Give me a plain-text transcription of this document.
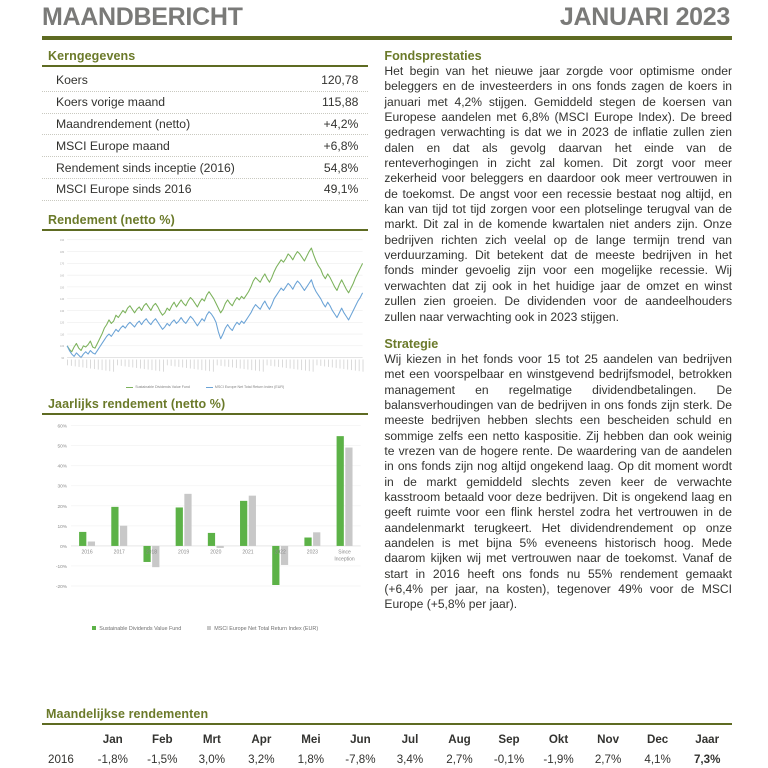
MAANDBERICHT	JANUARI 2023
Kerngegevens
Koers	120,78
Koers vorige maand	115,88
Maandrendement (netto)	+4,2%
MSCI Europe maand	+6,8%
Rendement sinds inceptie (2016)	54,8%
MSCI Europe sinds 2016	49,1%
Rendement (netto %)
90
100
110
120
130
140
150
160
170
180
190
Sustainable Dividends Value Fund	MSCI Europe Net Total Return Index (EUR)
Jaarlijks rendement (netto %)
-20%
-10%
0%
10%
20%
30%
40%
50%
60%
2016	2017	2018	2019	2020	2021	2022	2023	Since
Inception
Sustainable Dividends Value Fund	MSCI Europe Net Total Return Index (EUR)
Fondsprestaties

Het begin van het nieuwe jaar zorgde voor optimisme onder beleggers en de investeerders in ons fonds zagen de koers in januari met 4,2% stijgen. Gemiddeld stegen de koersen van Europese aandelen met 6,8% (MSCI Europe Index). De breed gedragen verwachting is dat we in 2023 de inflatie zullen zien dalen en dat als gevolg daarvan het einde van de renteverhogingen in zicht zal komen. Dit zorgt voor meer zekerheid voor beleggers en daardoor ook meer vertrouwen in de toekomst. De angst voor een recessie bestaat nog altijd, en kan van tijd tot tijd zorgen voor een plotselinge terugval van de markt. Dit zal in de komende kwartalen niet anders zijn. Onze bedrijven richten zich veelal op de lange termijn trend van verduurzaming. Dit betekent dat de meeste bedrijven in het fonds minder gevoelig zijn voor een mogelijke recessie. Wij verwachten dat zij ook in het huidige jaar de omzet en winst zullen zien groeien. De dividenden voor de aandeelhouders zullen naar verwachting ook in 2023 stijgen.

Strategie

Wij kiezen in het fonds voor 15 tot 25 aandelen van bedrijven met een voorspelbaar en winstgevend bedrijfsmodel, betrokken management en regelmatige dividendbetalingen. De balansverhoudingen van de bedrijven in ons fonds zijn sterk. De meeste bedrijven hebben slechts een bescheiden schuld en sommige zelfs een netto kaspositie. Zij hebben dan ook weinig te vrezen van de hogere rente. De waardering van de aandelen in ons fonds zijn nog altijd ongekend laag. Op dit moment wordt in de markt gemiddeld slechts zeven keer de verwachte kasstroom betaald voor deze bedrijven. Dit is ongekend laag en geeft ruimte voor een flink herstel zodra het vertrouwen in de aandelenmarkt terugkeert. Het dividendrendement op onze aandelen is met bijna 5% eveneens historisch hoog. Mede daarom kijken wij met vertrouwen naar de toekomst. Vanaf de start in 2016 heeft ons fonds nu 55% rendement gemaakt (+6,4% per jaar, na kosten), tegenover 49% voor de MSCI Europe (+5,8% per jaar).

Maandelijkse rendementen
	Jan	Feb	Mrt	Apr	Mei	Jun	Jul	Aug	Sep	Okt	Nov	Dec	Jaar
2016	-1,8%	-1,5%	3,0%	3,2%	1,8%	-7,8%	3,4%	2,7%	-0,1%	-1,9%	2,7%	4,1%	7,3%
